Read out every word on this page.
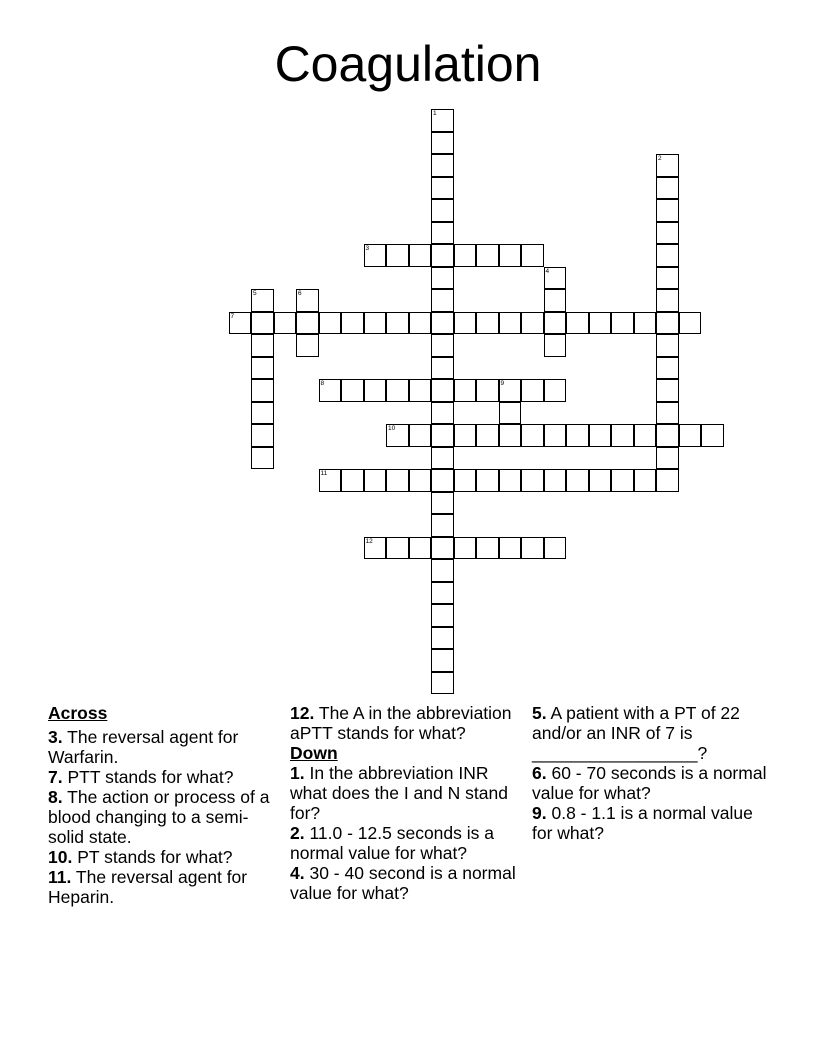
Coagulation
1
2
3
4
5	6
7
8	9
10
11
12
Across
3. The reversal agent for Warfarin.
7. PTT stands for what?
8. The action or process of a blood changing to a semi-solid state.
10. PT stands for what?
11. The reversal agent for Heparin.
12. The A in the abbreviation aPTT stands for what?
Down
1. In the abbreviation INR what does the I and N stand for?
2. 11.0 - 12.5 seconds is a normal value for what?
4. 30 - 40 second is a normal value for what?
5. A patient with a PT of 22 and/or an INR of 7 is _________________?
6. 60 - 70 seconds is a normal value for what?
9. 0.8 - 1.1 is a normal value for what?
